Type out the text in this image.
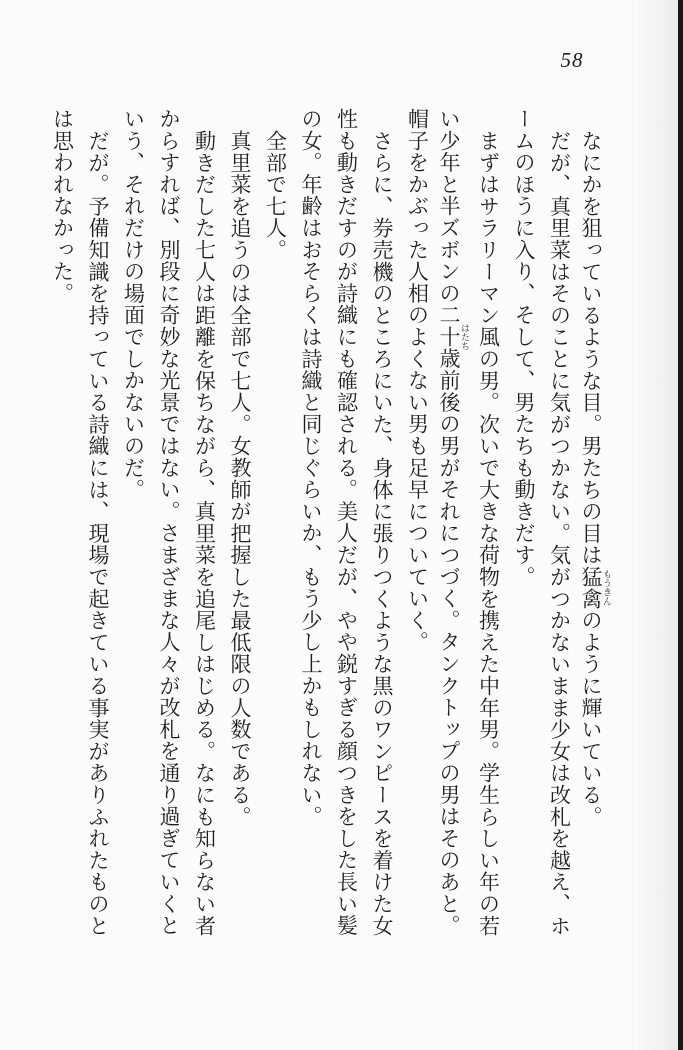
58
なにかを狙っているような目。男たちの目は猛禽 もうきんのように輝いている。
だが、真里菜はそのことに気がつかない。気がつかないまま少女は改札を越え、ホ
ームのほうに入り、そして、男たちも動きだす。
まずはサラリーマン風の男。次いで大きな荷物を携えた中年男。学生らしい年の若
い少年と半ズボンの二十歳 はたち前後の男がそれにつづく。タンクトップの男はそのあと。
帽子をかぶった人相のよくない男も足早についていく。
さらに、券売機のところにいた、身体に張りつくような黒のワンピースを着けた女
性も動きだすのが詩織にも確認される。美人だが、やや鋭すぎる顔つきをした長い髪
の女。年齢はおそらくは詩織と同じぐらいか、もう少し上かもしれない。
全部で七人。
真里菜を追うのは全部で七人。女教師が把握した最低限の人数である。
動きだした七人は距離を保ちながら、真里菜を追尾しはじめる。なにも知らない者
からすれば、別段に奇妙な光景ではない。さまざまな人々が改札を通り過ぎていくと
いう、それだけの場面でしかないのだ。
だが。予備知識を持っている詩織には、現場で起きている事実がありふれたものと
は思われなかった。
